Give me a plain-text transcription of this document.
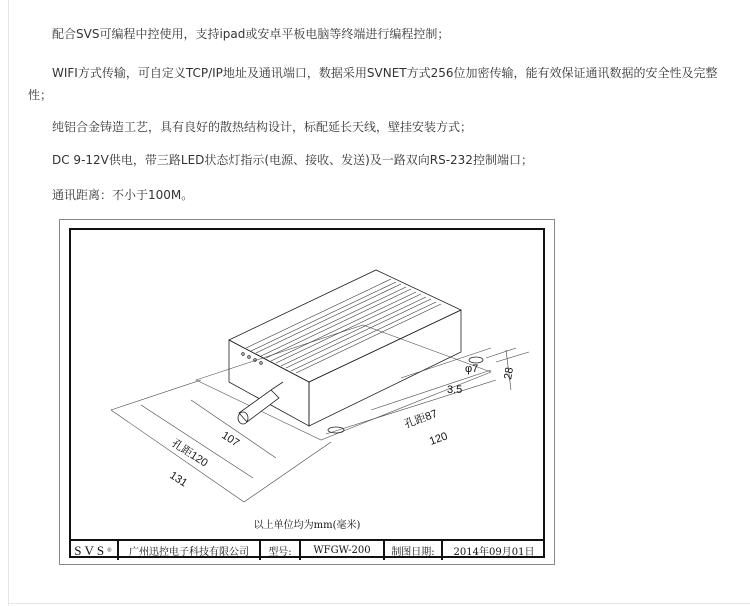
配合SVS可编程中控使用，支持ipad或安卓平板电脑等终端进行编程控制；
WIFI方式传输，可自定义TCP/IP地址及通讯端口，数据采用SVNET方式256位加密传输，能有效保证通讯数据的安全性及完整性；
纯铝合金铸造工艺，具有良好的散热结构设计，标配延长天线，壁挂安装方式；
DC 9-12V供电，带三路LED状态灯指示(电源、接收、发送)及一路双向RS-232控制端口；
通讯距离：不小于100M。
131
107
孔距120
孔距87
120
3.5
φ7 28
以上单位均为mm(毫米)
SVS ®	广州迅控电子科技有限公司	型号:	WFGW-200	制图日期:	2014年09月01日
